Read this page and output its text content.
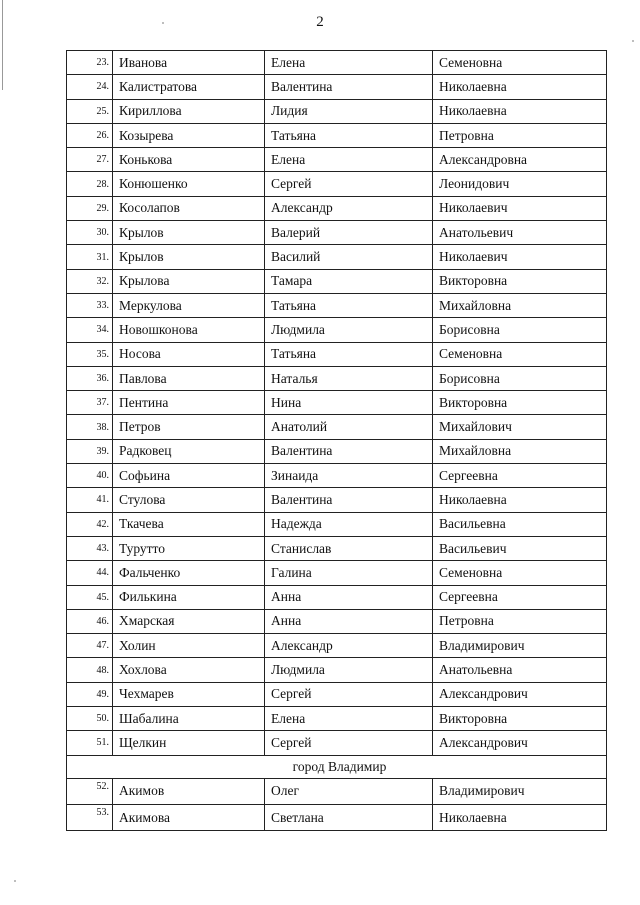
2
23.	Иванова	Елена	Семеновна
24.	Калистратова	Валентина	Николаевна
25.	Кириллова	Лидия	Николаевна
26.	Козырева	Татьяна	Петровна
27.	Конькова	Елена	Александровна
28.	Конюшенко	Сергей	Леонидович
29.	Косолапов	Александр	Николаевич
30.	Крылов	Валерий	Анатольевич
31.	Крылов	Василий	Николаевич
32.	Крылова	Тамара	Викторовна
33.	Меркулова	Татьяна	Михайловна
34.	Новошконова	Людмила	Борисовна
35.	Носова	Татьяна	Семеновна
36.	Павлова	Наталья	Борисовна
37.	Пентина	Нина	Викторовна
38.	Петров	Анатолий	Михайлович
39.	Радковец	Валентина	Михайловна
40.	Софьина	Зинаида	Сергеевна
41.	Стулова	Валентина	Николаевна
42.	Ткачева	Надежда	Васильевна
43.	Турутто	Станислав	Васильевич
44.	Фальченко	Галина	Семеновна
45.	Филькина	Анна	Сергеевна
46.	Хмарская	Анна	Петровна
47.	Холин	Александр	Владимирович
48.	Хохлова	Людмила	Анатольевна
49.	Чехмарев	Сергей	Александрович
50.	Шабалина	Елена	Викторовна
51.	Щелкин	Сергей	Александрович
город Владимир			
52.	Акимов	Олег	Владимирович
53.	Акимова	Светлана	Николаевна
